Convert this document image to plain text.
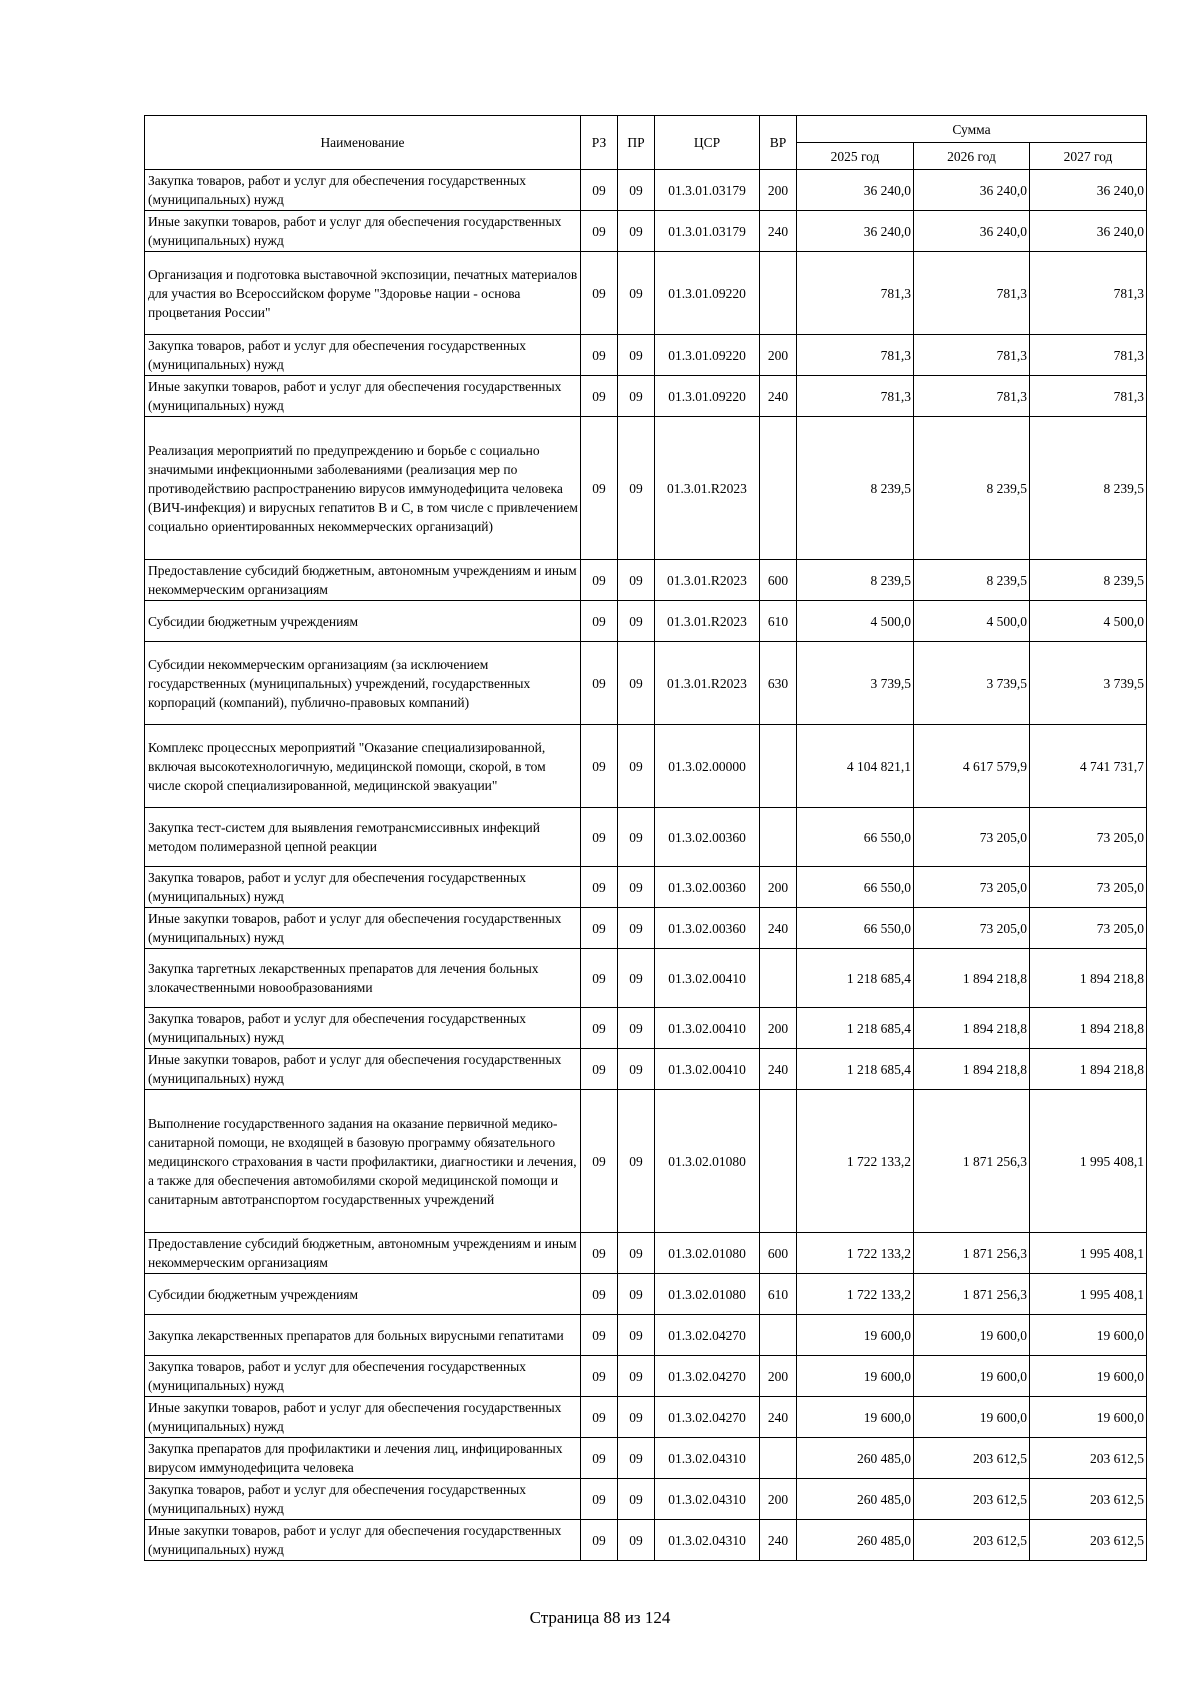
Наименование	РЗ	ПР	ЦСР	ВР	Сумма		
					2025 год	2026 год	2027 год
Закупка товаров, работ и услуг для обеспечения государственных (муниципальных) нужд	09	09	01.3.01.03179	200	36 240,0	36 240,0	36 240,0
Иные закупки товаров, работ и услуг для обеспечения государственных (муниципальных) нужд	09	09	01.3.01.03179	240	36 240,0	36 240,0	36 240,0
Организация и подготовка выставочной экспозиции, печатных материалов для участия во Всероссийском форуме "Здоровье нации - основа процветания России"	09	09	01.3.01.09220		781,3	781,3	781,3
Закупка товаров, работ и услуг для обеспечения государственных (муниципальных) нужд	09	09	01.3.01.09220	200	781,3	781,3	781,3
Иные закупки товаров, работ и услуг для обеспечения государственных (муниципальных) нужд	09	09	01.3.01.09220	240	781,3	781,3	781,3
Реализация мероприятий по предупреждению и борьбе с социально значимыми инфекционными заболеваниями (реализация мер по противодействию распространению вирусов иммунодефицита человека (ВИЧ-инфекция) и вирусных гепатитов В и С, в том числе с привлечением социально ориентированных некоммерческих организаций)	09	09	01.3.01.R2023		8 239,5	8 239,5	8 239,5
Предоставление субсидий бюджетным, автономным учреждениям и иным некоммерческим организациям	09	09	01.3.01.R2023	600	8 239,5	8 239,5	8 239,5
Субсидии бюджетным учреждениям	09	09	01.3.01.R2023	610	4 500,0	4 500,0	4 500,0
Субсидии некоммерческим организациям (за исключением государственных (муниципальных) учреждений, государственных корпораций (компаний), публично-правовых компаний)	09	09	01.3.01.R2023	630	3 739,5	3 739,5	3 739,5
Комплекс процессных мероприятий "Оказание специализированной, включая высокотехнологичную, медицинской помощи, скорой, в том числе скорой специализированной, медицинской эвакуации"	09	09	01.3.02.00000		4 104 821,1	4 617 579,9	4 741 731,7
Закупка тест-систем для выявления гемотрансмиссивных инфекций методом полимеразной цепной реакции	09	09	01.3.02.00360		66 550,0	73 205,0	73 205,0
Закупка товаров, работ и услуг для обеспечения государственных (муниципальных) нужд	09	09	01.3.02.00360	200	66 550,0	73 205,0	73 205,0
Иные закупки товаров, работ и услуг для обеспечения государственных (муниципальных) нужд	09	09	01.3.02.00360	240	66 550,0	73 205,0	73 205,0
Закупка таргетных лекарственных препаратов для лечения больных злокачественными новообразованиями	09	09	01.3.02.00410		1 218 685,4	1 894 218,8	1 894 218,8
Закупка товаров, работ и услуг для обеспечения государственных (муниципальных) нужд	09	09	01.3.02.00410	200	1 218 685,4	1 894 218,8	1 894 218,8
Иные закупки товаров, работ и услуг для обеспечения государственных (муниципальных) нужд	09	09	01.3.02.00410	240	1 218 685,4	1 894 218,8	1 894 218,8
Выполнение государственного задания на оказание первичной медико-санитарной помощи, не входящей в базовую программу обязательного медицинского страхования в части профилактики, диагностики и лечения, а также для обеспечения автомобилями скорой медицинской помощи и санитарным автотранспортом государственных учреждений	09	09	01.3.02.01080		1 722 133,2	1 871 256,3	1 995 408,1
Предоставление субсидий бюджетным, автономным учреждениям и иным некоммерческим организациям	09	09	01.3.02.01080	600	1 722 133,2	1 871 256,3	1 995 408,1
Субсидии бюджетным учреждениям	09	09	01.3.02.01080	610	1 722 133,2	1 871 256,3	1 995 408,1
Закупка лекарственных препаратов для больных вирусными гепатитами	09	09	01.3.02.04270		19 600,0	19 600,0	19 600,0
Закупка товаров, работ и услуг для обеспечения государственных (муниципальных) нужд	09	09	01.3.02.04270	200	19 600,0	19 600,0	19 600,0
Иные закупки товаров, работ и услуг для обеспечения государственных (муниципальных) нужд	09	09	01.3.02.04270	240	19 600,0	19 600,0	19 600,0
Закупка препаратов для профилактики и лечения лиц, инфицированных вирусом иммунодефицита человека	09	09	01.3.02.04310		260 485,0	203 612,5	203 612,5
Закупка товаров, работ и услуг для обеспечения государственных (муниципальных) нужд	09	09	01.3.02.04310	200	260 485,0	203 612,5	203 612,5
Иные закупки товаров, работ и услуг для обеспечения государственных (муниципальных) нужд	09	09	01.3.02.04310	240	260 485,0	203 612,5	203 612,5
Страница 88 из 124
